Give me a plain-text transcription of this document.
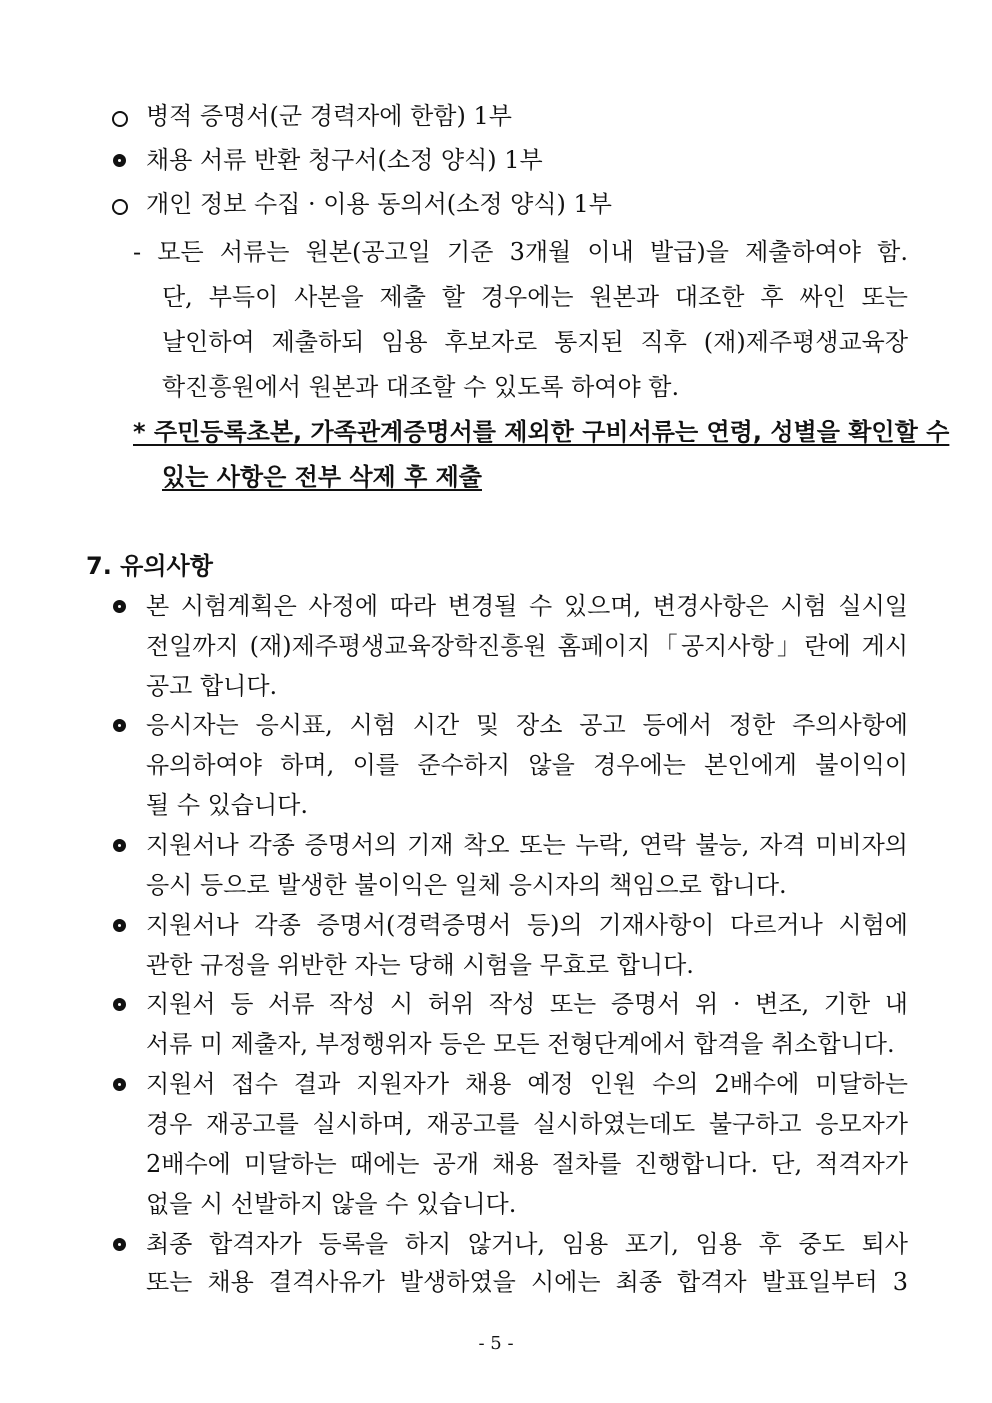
병적 증명서(군 경력자에 한함) 1부
채용 서류 반환 청구서(소정 양식) 1부
개인 정보 수집 · 이용 동의서(소정 양식) 1부
- 모든 서류는 원본(공고일 기준 3개월 이내 발급)을 제출하여야 함.
단, 부득이 사본을 제출 할 경우에는 원본과 대조한 후 싸인 또는
날인하여 제출하되 임용 후보자로 통지된 직후 (재)제주평생교육장
학진흥원에서 원본과 대조할 수 있도록 하여야 함.
* 주민등록초본, 가족관계증명서를 제외한 구비서류는 연령, 성별을 확인할 수
있는 사항은 전부 삭제 후 제출
7. 유의사항
본 시험계획은 사정에 따라 변경될 수 있으며, 변경사항은 시험 실시일
전일까지 (재)제주평생교육장학진흥원 홈페이지「공지사항」란에 게시
공고 합니다.
응시자는 응시표, 시험 시간 및 장소 공고 등에서 정한 주의사항에
유의하여야 하며, 이를 준수하지 않을 경우에는 본인에게 불이익이
될 수 있습니다.
지원서나 각종 증명서의 기재 착오 또는 누락, 연락 불능, 자격 미비자의
응시 등으로 발생한 불이익은 일체 응시자의 책임으로 합니다.
지원서나 각종 증명서(경력증명서 등)의 기재사항이 다르거나 시험에
관한 규정을 위반한 자는 당해 시험을 무효로 합니다.
지원서 등 서류 작성 시 허위 작성 또는 증명서 위 · 변조, 기한 내
서류 미 제출자, 부정행위자 등은 모든 전형단계에서 합격을 취소합니다.
지원서 접수 결과 지원자가 채용 예정 인원 수의 2배수에 미달하는
경우 재공고를 실시하며, 재공고를 실시하였는데도 불구하고 응모자가
2배수에 미달하는 때에는 공개 채용 절차를 진행합니다. 단, 적격자가
없을 시 선발하지 않을 수 있습니다.
최종 합격자가 등록을 하지 않거나, 임용 포기, 임용 후 중도 퇴사
또는 채용 결격사유가 발생하였을 시에는 최종 합격자 발표일부터 3
- 5 -
